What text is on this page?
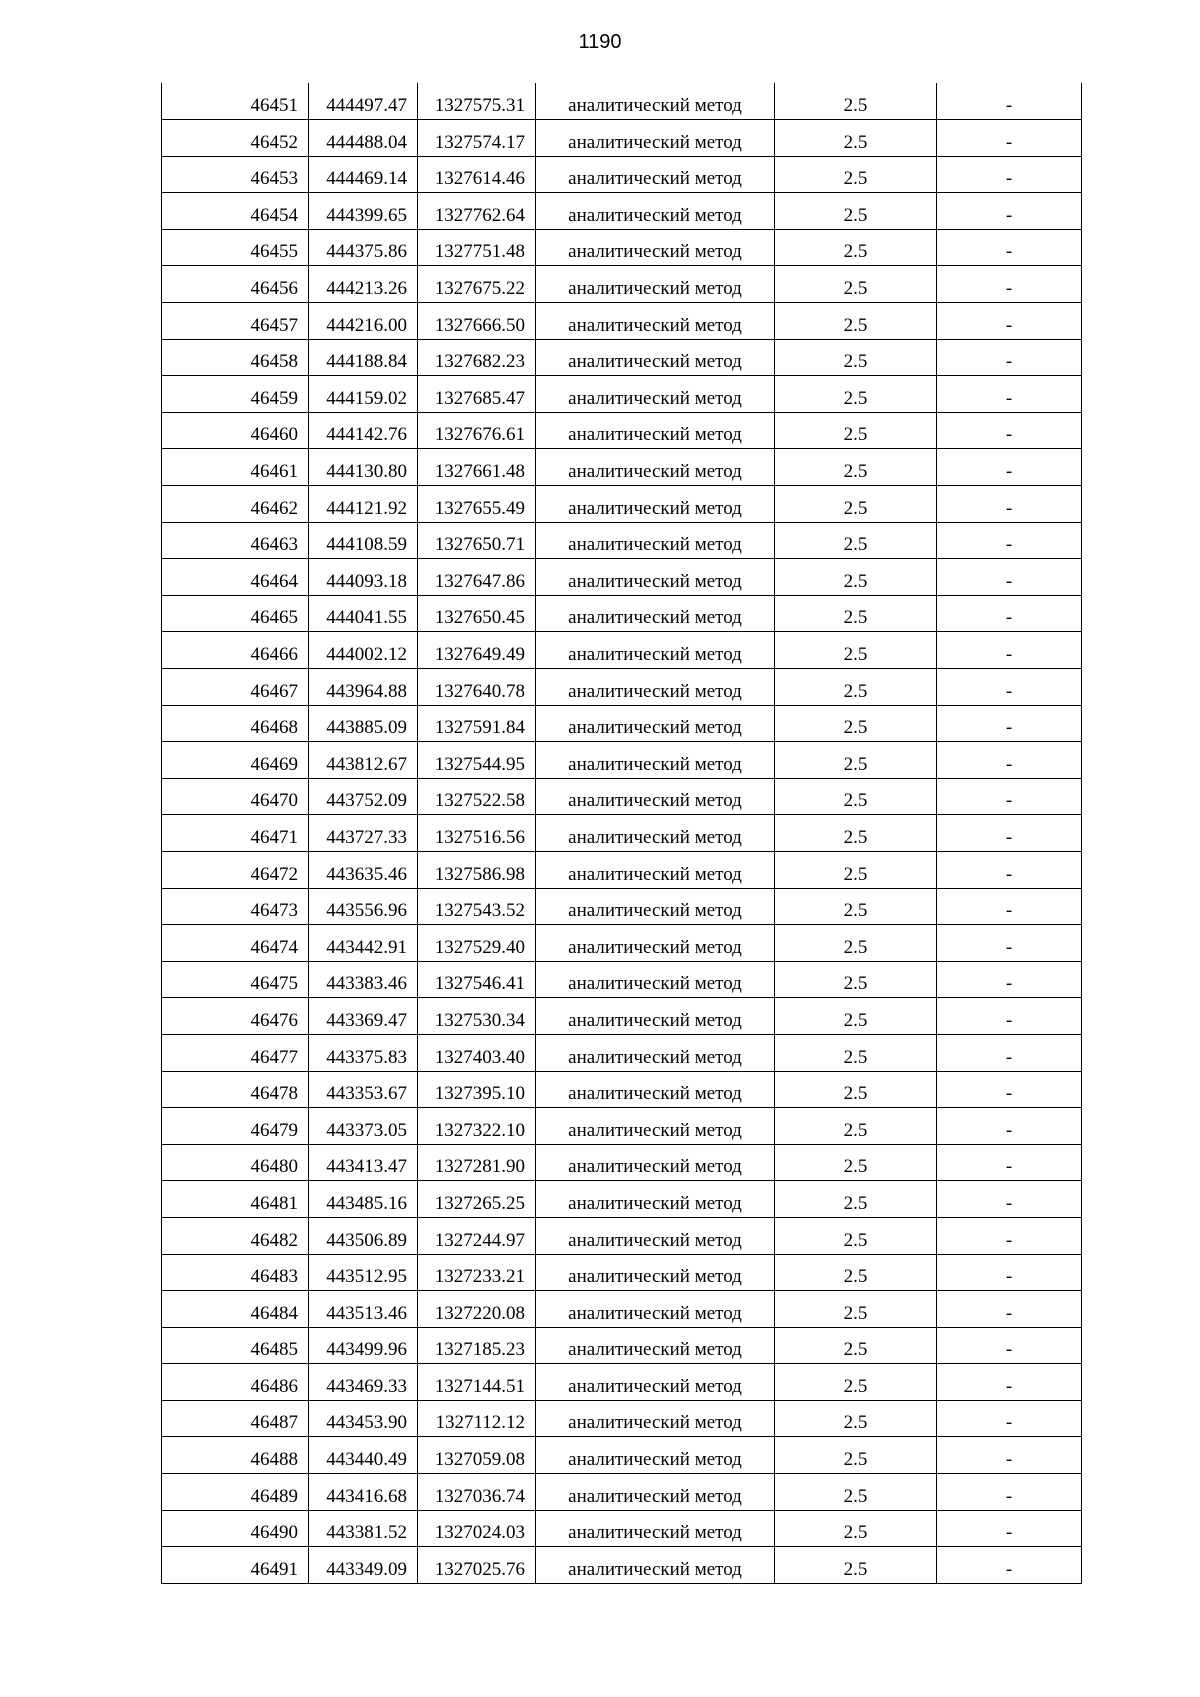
1190
46451	444497.47	1327575.31	аналитический метод	2.5	-
46452	444488.04	1327574.17	аналитический метод	2.5	-
46453	444469.14	1327614.46	аналитический метод	2.5	-
46454	444399.65	1327762.64	аналитический метод	2.5	-
46455	444375.86	1327751.48	аналитический метод	2.5	-
46456	444213.26	1327675.22	аналитический метод	2.5	-
46457	444216.00	1327666.50	аналитический метод	2.5	-
46458	444188.84	1327682.23	аналитический метод	2.5	-
46459	444159.02	1327685.47	аналитический метод	2.5	-
46460	444142.76	1327676.61	аналитический метод	2.5	-
46461	444130.80	1327661.48	аналитический метод	2.5	-
46462	444121.92	1327655.49	аналитический метод	2.5	-
46463	444108.59	1327650.71	аналитический метод	2.5	-
46464	444093.18	1327647.86	аналитический метод	2.5	-
46465	444041.55	1327650.45	аналитический метод	2.5	-
46466	444002.12	1327649.49	аналитический метод	2.5	-
46467	443964.88	1327640.78	аналитический метод	2.5	-
46468	443885.09	1327591.84	аналитический метод	2.5	-
46469	443812.67	1327544.95	аналитический метод	2.5	-
46470	443752.09	1327522.58	аналитический метод	2.5	-
46471	443727.33	1327516.56	аналитический метод	2.5	-
46472	443635.46	1327586.98	аналитический метод	2.5	-
46473	443556.96	1327543.52	аналитический метод	2.5	-
46474	443442.91	1327529.40	аналитический метод	2.5	-
46475	443383.46	1327546.41	аналитический метод	2.5	-
46476	443369.47	1327530.34	аналитический метод	2.5	-
46477	443375.83	1327403.40	аналитический метод	2.5	-
46478	443353.67	1327395.10	аналитический метод	2.5	-
46479	443373.05	1327322.10	аналитический метод	2.5	-
46480	443413.47	1327281.90	аналитический метод	2.5	-
46481	443485.16	1327265.25	аналитический метод	2.5	-
46482	443506.89	1327244.97	аналитический метод	2.5	-
46483	443512.95	1327233.21	аналитический метод	2.5	-
46484	443513.46	1327220.08	аналитический метод	2.5	-
46485	443499.96	1327185.23	аналитический метод	2.5	-
46486	443469.33	1327144.51	аналитический метод	2.5	-
46487	443453.90	1327112.12	аналитический метод	2.5	-
46488	443440.49	1327059.08	аналитический метод	2.5	-
46489	443416.68	1327036.74	аналитический метод	2.5	-
46490	443381.52	1327024.03	аналитический метод	2.5	-
46491	443349.09	1327025.76	аналитический метод	2.5	-
